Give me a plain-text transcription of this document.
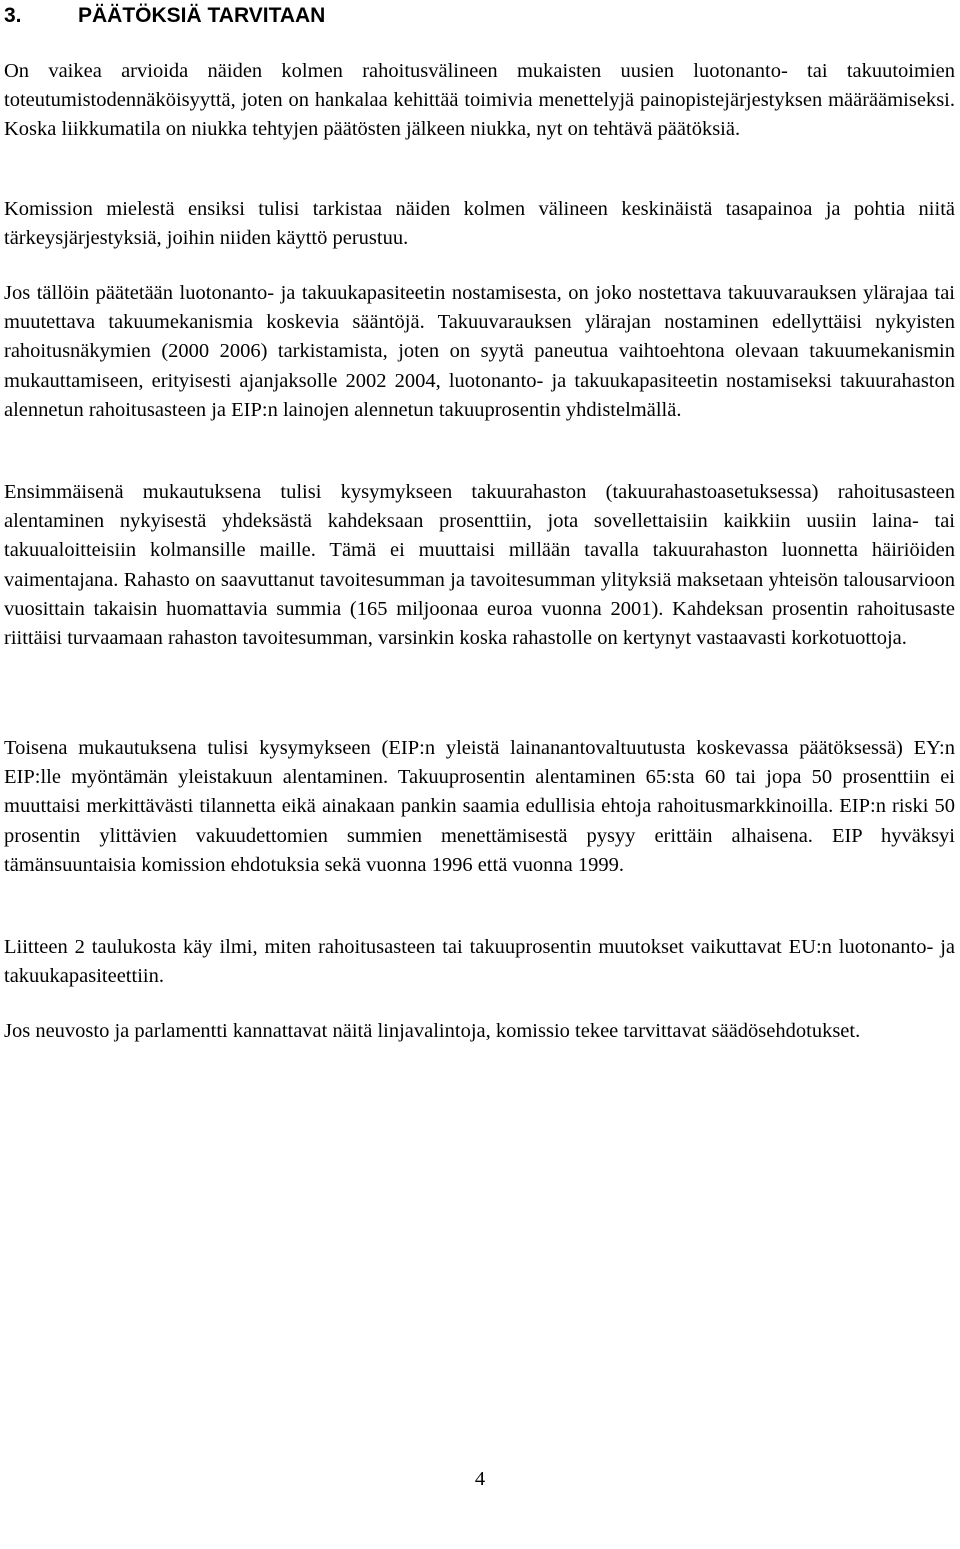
3.	PÄÄTÖKSIÄ TARVITAAN

On vaikea arvioida näiden kolmen rahoitusvälineen mukaisten uusien luotonanto- tai takuutoimien toteutumistodennäköisyyttä, joten on hankalaa kehittää toimivia menettelyjä painopistejärjestyksen määräämiseksi. Koska liikkumatila on niukka tehtyjen päätösten jälkeen niukka, nyt on tehtävä päätöksiä.

Komission mielestä ensiksi tulisi tarkistaa näiden kolmen välineen keskinäistä tasapainoa ja pohtia niitä tärkeysjärjestyksiä, joihin niiden käyttö perustuu.

Jos tällöin päätetään luotonanto- ja takuukapasiteetin nostamisesta, on joko nostettava takuuvarauksen ylärajaa tai muutettava takuumekanismia koskevia sääntöjä. Takuuvarauksen ylärajan nostaminen edellyttäisi nykyisten rahoitusnäkymien (2000 2006) tarkistamista, joten on syytä paneutua vaihtoehtona olevaan takuumekanismin mukauttamiseen, erityisesti ajanjaksolle 2002 2004, luotonanto- ja takuukapasiteetin nostamiseksi takuurahaston alennetun rahoitusasteen ja EIP:n lainojen alennetun takuuprosentin yhdistelmällä.

Ensimmäisenä mukautuksena tulisi kysymykseen takuurahaston (takuurahastoasetuksessa) rahoitusasteen alentaminen nykyisestä yhdeksästä kahdeksaan prosenttiin, jota sovellettaisiin kaikkiin uusiin laina- tai takuualoitteisiin kolmansille maille. Tämä ei muuttaisi millään tavalla takuurahaston luonnetta häiriöiden vaimentajana. Rahasto on saavuttanut tavoitesumman ja tavoitesumman ylityksiä maksetaan yhteisön talousarvioon vuosittain takaisin huomattavia summia (165 miljoonaa euroa vuonna 2001). Kahdeksan prosentin rahoitusaste riittäisi turvaamaan rahaston tavoitesumman, varsinkin koska rahastolle on kertynyt vastaavasti korkotuottoja.

Toisena mukautuksena tulisi kysymykseen (EIP:n yleistä lainanantovaltuutusta koskevassa päätöksessä) EY:n EIP:lle myöntämän yleistakuun alentaminen. Takuuprosentin alentaminen 65:sta 60 tai jopa 50 prosenttiin ei muuttaisi merkittävästi tilannetta eikä ainakaan pankin saamia edullisia ehtoja rahoitusmarkkinoilla. EIP:n riski 50 prosentin ylittävien vakuudettomien summien menettämisestä pysyy erittäin alhaisena. EIP hyväksyi tämänsuuntaisia komission ehdotuksia sekä vuonna 1996 että vuonna 1999.

Liitteen 2 taulukosta käy ilmi, miten rahoitusasteen tai takuuprosentin muutokset vaikuttavat EU:n luotonanto- ja takuukapasiteettiin.

Jos neuvosto ja parlamentti kannattavat näitä linjavalintoja, komissio tekee tarvittavat säädösehdotukset.

4
